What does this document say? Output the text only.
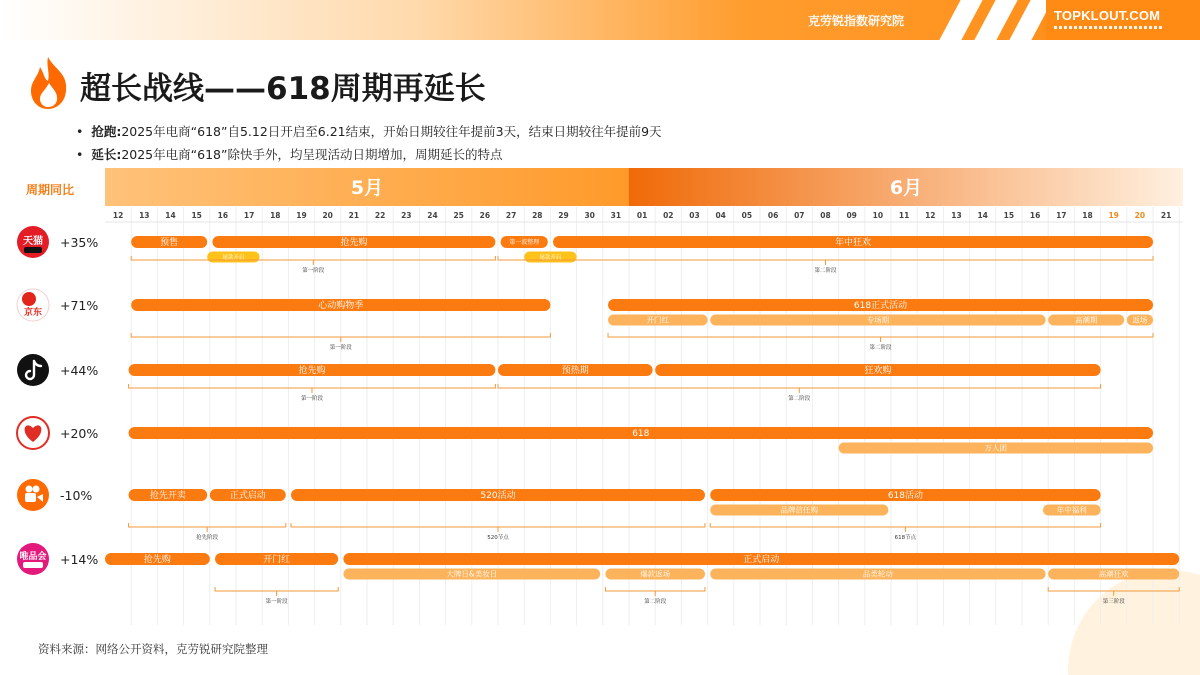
克劳锐指数研究院	TOPKLOUT.COM
超长战线——618周期再延长
•  抢跑:2025年电商“618”自5.12日开启至6.21结束，开始日期较往年提前3天，结束日期较往年提前9天
•  延长:2025年电商“618”除快手外，均呈现活动日期增加，周期延长的特点
周期同比	5月	6月
12 13 14 15 16 17 18 19 20 21 22 23 24 25 26 27 28 29 30 31 01 02 03 04 05 06 07 08 09 10 11 12 13 14 15 16 17 18 19 20 21
天猫 +35%	预售	抢先购	第一波整理	年中狂欢
尾款开启	尾款开启
第一阶段	第二阶段
京东 +71%	心动购物季	618正式活动
开门红	专场期	高潮期	返场
第一阶段	第二阶段
+44%	抢先购	预热期	狂欢购
第一阶段	第二阶段
+20%	618
万人团
-10%	抢先开卖	正式启动	520活动	618活动
品牌信任购	年中福利
抢先阶段	520节点	618节点
唯品会 +14%	抢先购	开门红	正式启动
大牌日&美妆日	爆款返场	品类轮动	高潮狂欢
第一阶段	第二阶段	第三阶段
资料来源：网络公开资料，克劳锐研究院整理
